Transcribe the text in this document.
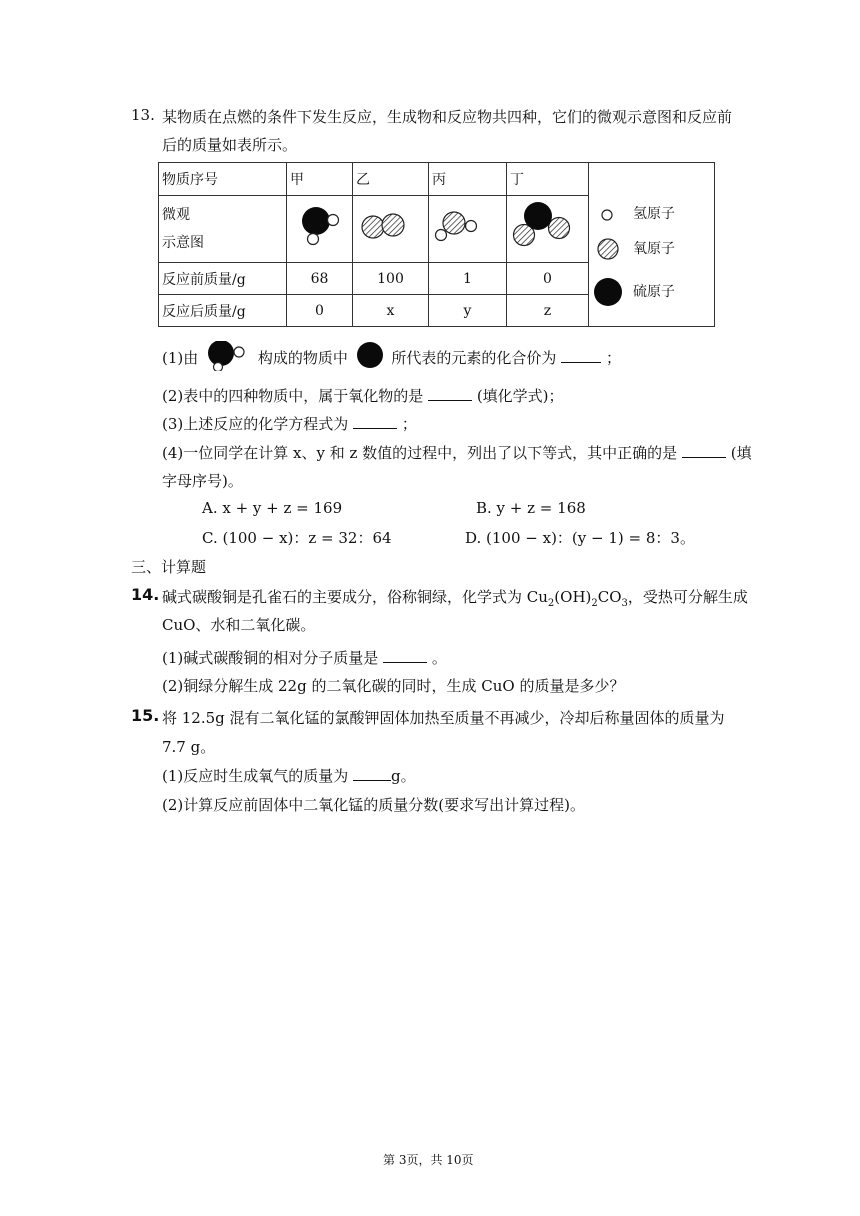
13. 某物质在点燃的条件下发生反应，生成物和反应物共四种，它们的微观示意图和反应前
后的质量如表所示。
物质序号	甲	乙	丙	丁	氢原子
氧原子
硫原子

微观
示意图

反应前质量/g	68	100	1	0	
反应后质量/g	0	x	y	z	
(1)由	构成的物质中	所代表的元素的化合价为	；
(2)表中的四种物质中，属于氧化物的是	(填化学式)；
(3)上述反应的化学方程式为	；
(4)一位同学在计算 x、y 和 z 数值的过程中，列出了以下等式，其中正确的是	(填
字母序号)。
A. x + y + z = 169	B. y + z = 168
C. (100 − x)：z = 32：64	D. (100 − x)：(y − 1) = 8：3。
三、计算题
14. 碱式碳酸铜是孔雀石的主要成分，俗称铜绿，化学式为 $Cu_2(OH)_2CO_3$，受热可分解生成
CuO、水和二氧化碳。
(1)碱式碳酸铜的相对分子质量是	。
(2)铜绿分解生成 22g 的二氧化碳的同时，生成 CuO 的质量是多少？
15. 将 12.5g 混有二氧化锰的氯酸钾固体加热至质量不再减少，冷却后称量固体的质量为
7.7 g。
(1)反应时生成氧气的质量为	g。
(2)计算反应前固体中二氧化锰的质量分数(要求写出计算过程)。
第 3页，共 10页
